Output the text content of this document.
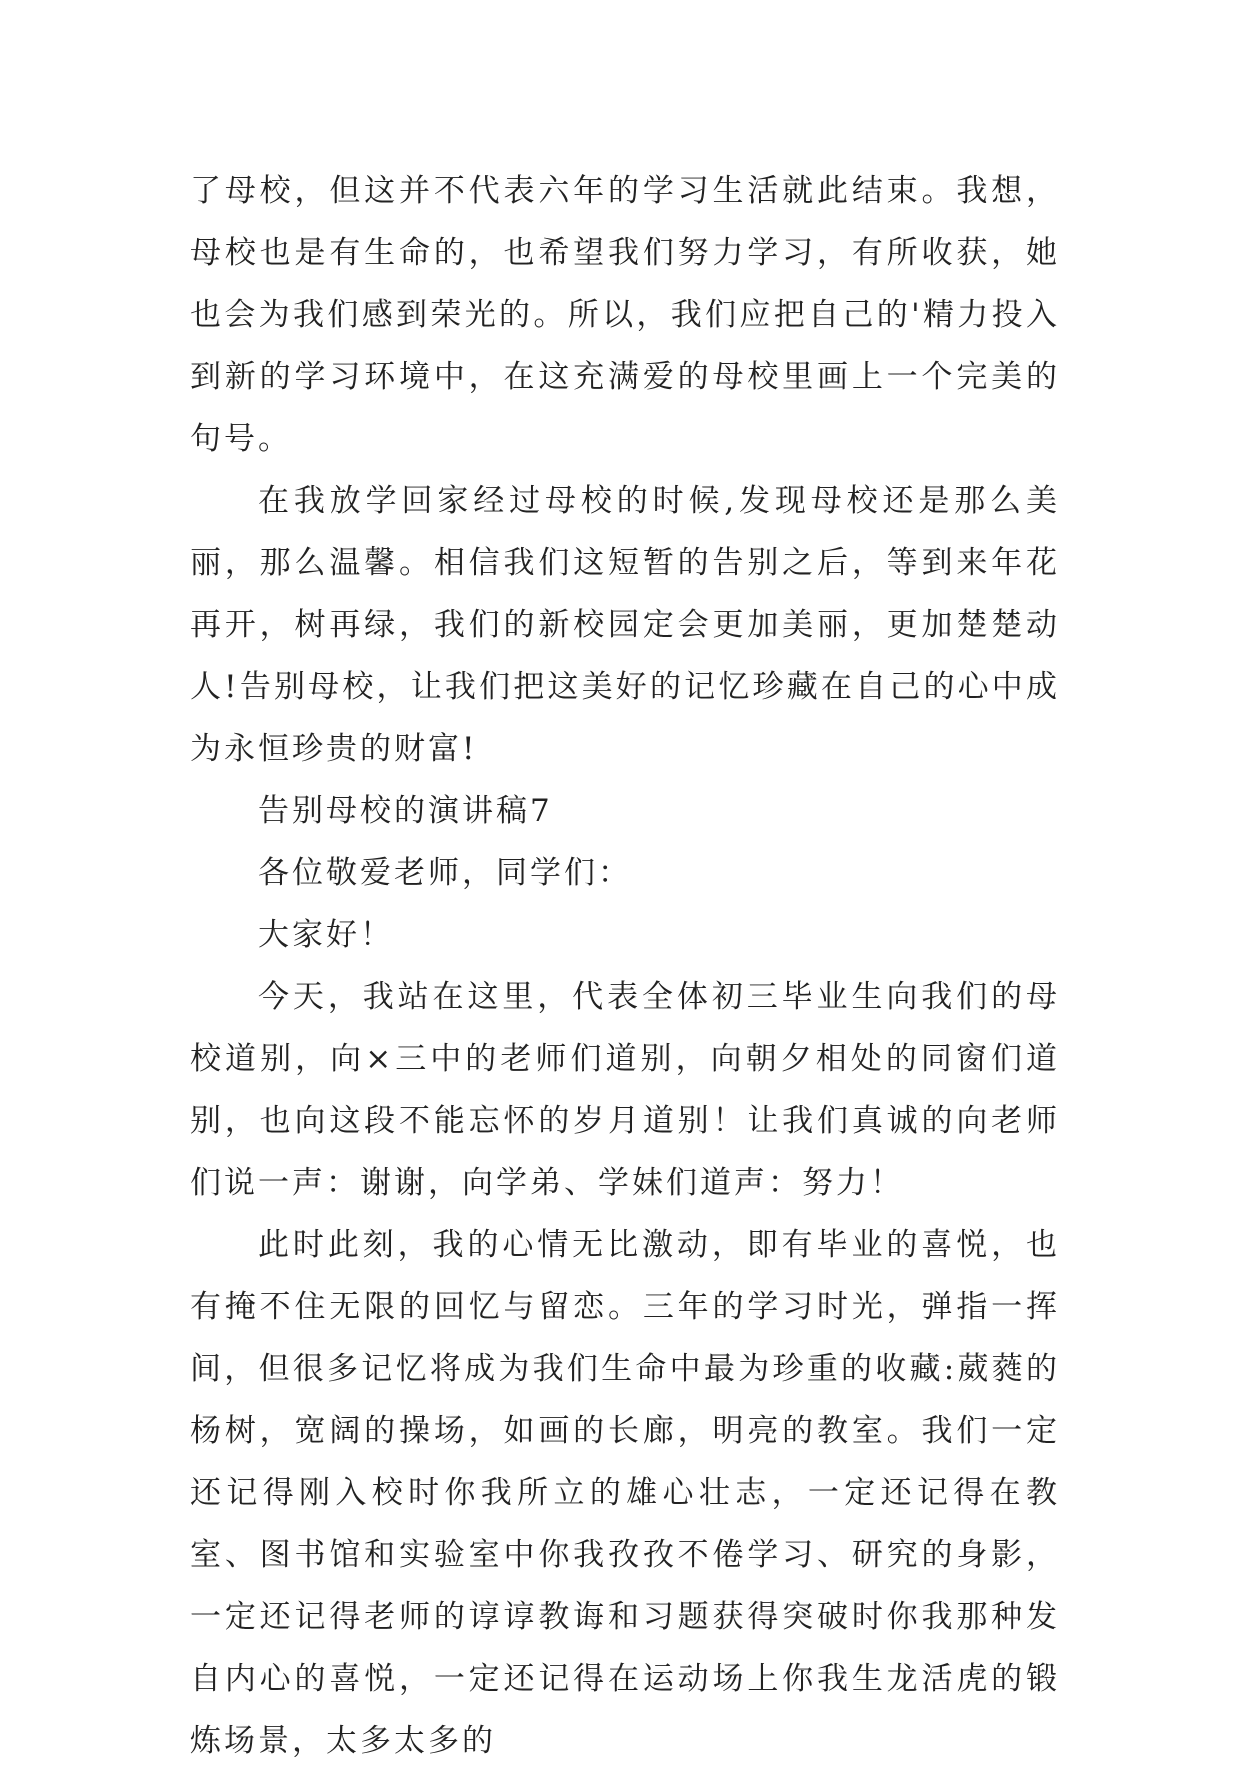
了母校，但这并不代表六年的学习生活就此结束。我想，母校也是有生命的，也希望我们努力学习，有所收获，她也会为我们感到荣光的。所以，我们应把自己的'精力投入到新的学习环境中，在这充满爱的母校里画上一个完美的句号。

在我放学回家经过母校的时候,发现母校还是那么美丽，那么温馨。相信我们这短暂的告别之后，等到来年花再开，树再绿，我们的新校园定会更加美丽，更加楚楚动人!告别母校，让我们把这美好的记忆珍藏在自己的心中成为永恒珍贵的财富!

告别母校的演讲稿7

各位敬爱老师，同学们：

大家好！

今天，我站在这里，代表全体初三毕业生向我们的母校道别，向×三中的老师们道别，向朝夕相处的同窗们道别，也向这段不能忘怀的岁月道别！让我们真诚的向老师们说一声：谢谢，向学弟、学妹们道声：努力！

此时此刻，我的心情无比激动，即有毕业的喜悦，也有掩不住无限的回忆与留恋。三年的学习时光，弹指一挥间，但很多记忆将成为我们生命中最为珍重的收藏:葳蕤的杨树，宽阔的操场，如画的长廊，明亮的教室。我们一定还记得刚入校时你我所立的雄心壮志，一定还记得在教室、图书馆和实验室中你我孜孜不倦学习、研究的身影，一定还记得老师的谆谆教诲和习题获得突破时你我那种发自内心的喜悦，一定还记得在运动场上你我生龙活虎的锻炼场景，太多太多的
